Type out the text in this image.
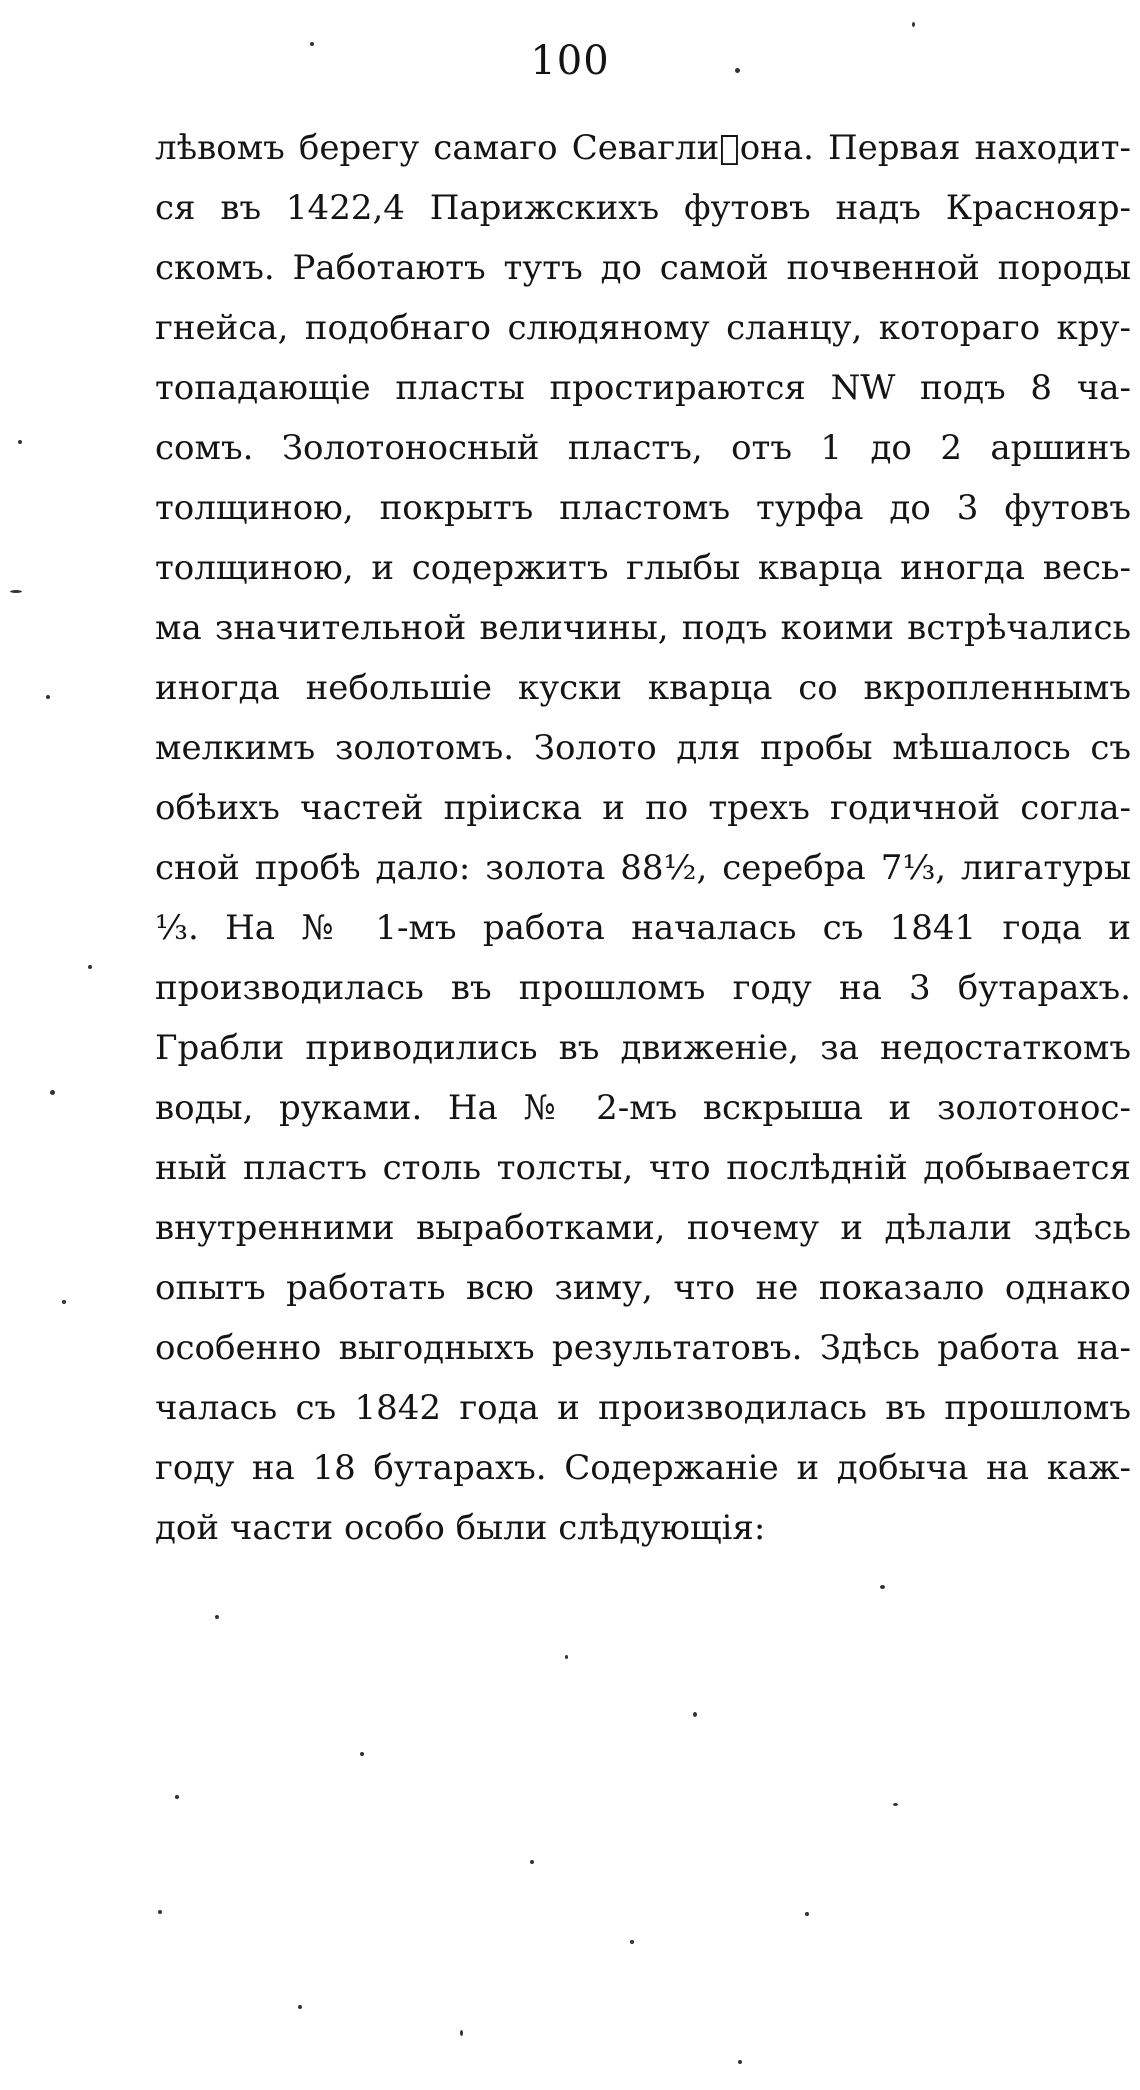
100
лѣвомъ берегу самаго Севагли􏰀она. Первая находит-
ся въ 1422,4 Парижскихъ футовъ надъ Краснояр-
скомъ. Работаютъ тутъ до самой почвенной породы
гнейса, подобнаго слюдяному сланцу, котораго кру-
топадающіе пласты простираются NW подъ 8 ча-
сомъ. Золотоносный пластъ, отъ 1 до 2 аршинъ
толщиною, покрытъ пластомъ турфа до 3 футовъ
толщиною, и содержитъ глыбы кварца иногда весь-
ма значительной величины, подъ коими встрѣчались
иногда небольшіе куски кварца со вкропленнымъ
мелкимъ золотомъ. Золото для пробы мѣшалось съ
обѣихъ частей пріиска и по трехъ годичной согла-
сной пробѣ дало: золота 88½, серебра 7⅓, лигатуры
⅓. На № 1-мъ работа началась съ 1841 года и
производилась въ прошломъ году на 3 бутарахъ.
Грабли приводились въ движеніе, за недостаткомъ
воды, руками. На № 2-мъ вскрыша и золотонос-
ный пластъ столь толсты, что послѣдній добывается
внутренними выработками, почему и дѣлали здѣсь
опытъ работать всю зиму, что не показало однако
особенно выгодныхъ результатовъ. Здѣсь работа на-
чалась съ 1842 года и производилась въ прошломъ
году на 18 бутарахъ. Содержаніе и добыча на каж-
дой части особо были слѣдующія:
